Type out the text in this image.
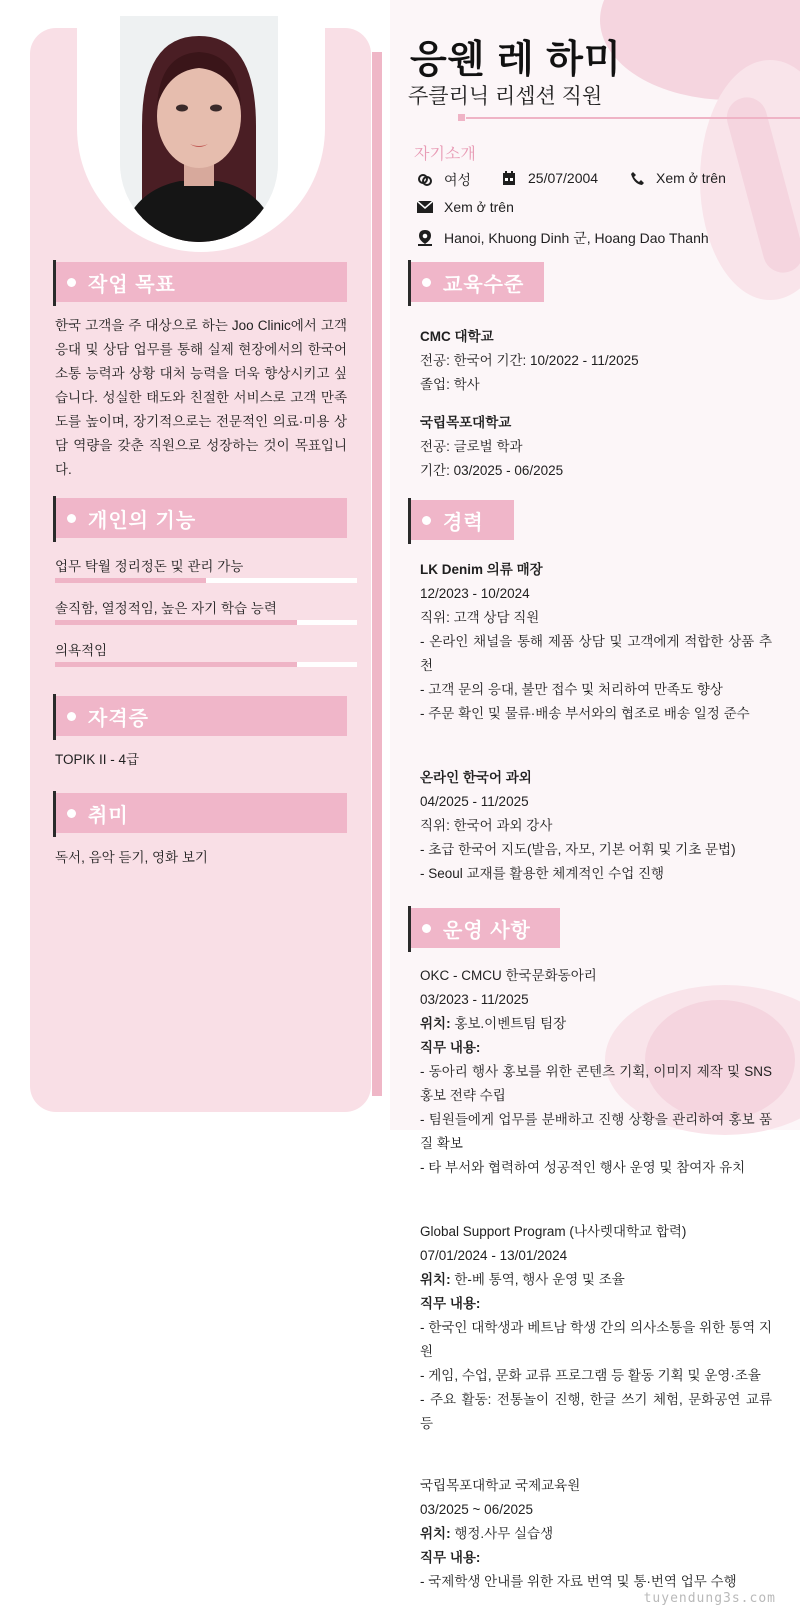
작업 목표
한국 고객을 주 대상으로 하는 Joo Clinic에서 고객 응대 및 상담 업무를 통해 실제 현장에서의 한국어 소통 능력과 상황 대처 능력을 더욱 향상시키고 싶습니다. 성실한 태도와 친절한 서비스로 고객 만족도를 높이며, 장기적으로는 전문적인 의료·미용 상담 역량을 갖춘 직원으로 성장하는 것이 목표입니다.
개인의 기능
업무 탁월 정리정돈 및 관리 가능
솔직함, 열정적임, 높은 자기 학습 능력
의욕적임
자격증
TOPIK II - 4급
취미
독서, 음악 듣기, 영화 보기
응웬 레 하미
주클리닉 리셉션 직원
자기소개
여성	25/07/2004	Xem ở trên
Xem ở trên
Hanoi, Khuong Dinh 군, Hoang Dao Thanh
교육수준
CMC 대학교
전공: 한국어 기간: 10/2022 - 11/2025
졸업: 학사
국립목포대학교
전공: 글로벌 학과
기간: 03/2025 - 06/2025
경력
LK Denim 의류 매장
12/2023 - 10/2024
직위: 고객 상담 직원
- 온라인 채널을 통해 제품 상담 및 고객에게 적합한 상품 추천
- 고객 문의 응대, 불만 접수 및 처리하여 만족도 향상
- 주문 확인 및 물류·배송 부서와의 협조로 배송 일정 준수
온라인 한국어 과외
04/2025 - 11/2025
직위: 한국어 과외 강사
- 초급 한국어 지도(발음, 자모, 기본 어휘 및 기초 문법)
- Seoul 교재를 활용한 체계적인 수업 진행
운영 사항
OKC - CMCU 한국문화동아리
03/2023 - 11/2025
위치: 홍보.이벤트팀 팀장
직무 내용:
- 동아리 행사 홍보를 위한 콘텐츠 기획, 이미지 제작 및 SNS 홍보 전략 수립
- 팀원들에게 업무를 분배하고 진행 상황을 관리하여 홍보 품질 확보
- 타 부서와 협력하여 성공적인 행사 운영 및 참여자 유치
Global Support Program (나사렛대학교 합력)
07/01/2024 - 13/01/2024
위치: 한-베 통역, 행사 운영 및 조율
직무 내용:
- 한국인 대학생과 베트남 학생 간의 의사소통을 위한 통역 지원
- 게임, 수업, 문화 교류 프로그램 등 활동 기획 및 운영·조율
- 주요 활동: 전통놀이 진행, 한글 쓰기 체험, 문화공연 교류 등
국립목포대학교 국제교육원
03/2025 ~ 06/2025
위치: 행정.사무 실습생
직무 내용:
- 국제학생 안내를 위한 자료 번역 및 통·번역 업무 수행
tuyendung3s.com
